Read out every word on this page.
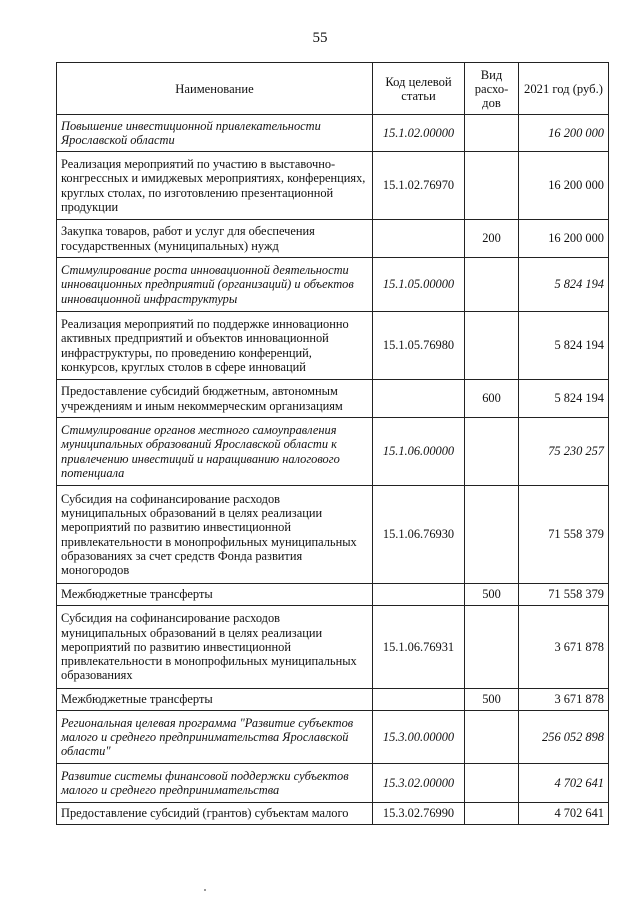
55
Наименование	Код целевой статьи	Вид расхо-дов	2021 год (руб.)
Повышение инвестиционной привлекательности Ярославской области	15.1.02.00000		16 200 000
Реализация мероприятий по участию в выставочно-конгрессных и имиджевых мероприятиях, конференциях, круглых столах, по изготовлению презентационной продукции	15.1.02.76970		16 200 000
Закупка товаров, работ и услуг для обеспечения государственных (муниципальных) нужд		200	16 200 000
Стимулирование роста инновационной деятельности инновационных предприятий (организаций) и объектов инновационной инфраструктуры	15.1.05.00000		5 824 194
Реализация мероприятий по поддержке инновационно активных предприятий и объектов инновационной инфраструктуры, по проведению конференций, конкурсов, круглых столов в сфере инноваций	15.1.05.76980		5 824 194
Предоставление субсидий бюджетным, автономным учреждениям и иным некоммерческим организациям		600	5 824 194
Стимулирование органов местного самоуправления муниципальных образований Ярославской области к привлечению инвестиций и наращиванию налогового потенциала	15.1.06.00000		75 230 257
Субсидия на софинансирование расходов муниципальных образований в целях реализации мероприятий по развитию инвестиционной привлекательности в монопрофильных муниципальных образованиях за счет средств Фонда развития моногородов	15.1.06.76930		71 558 379
Межбюджетные трансферты		500	71 558 379
Субсидия на софинансирование расходов муниципальных образований в целях реализации мероприятий по развитию инвестиционной привлекательности в монопрофильных муниципальных образованиях	15.1.06.76931		3 671 878
Межбюджетные трансферты		500	3 671 878
Региональная целевая программа "Развитие субъектов малого и среднего предпринимательства Ярославской области"	15.3.00.00000		256 052 898
Развитие системы финансовой поддержки субъектов малого и среднего предпринимательства	15.3.02.00000		4 702 641
Предоставление субсидий (грантов) субъектам малого	15.3.02.76990		4 702 641
